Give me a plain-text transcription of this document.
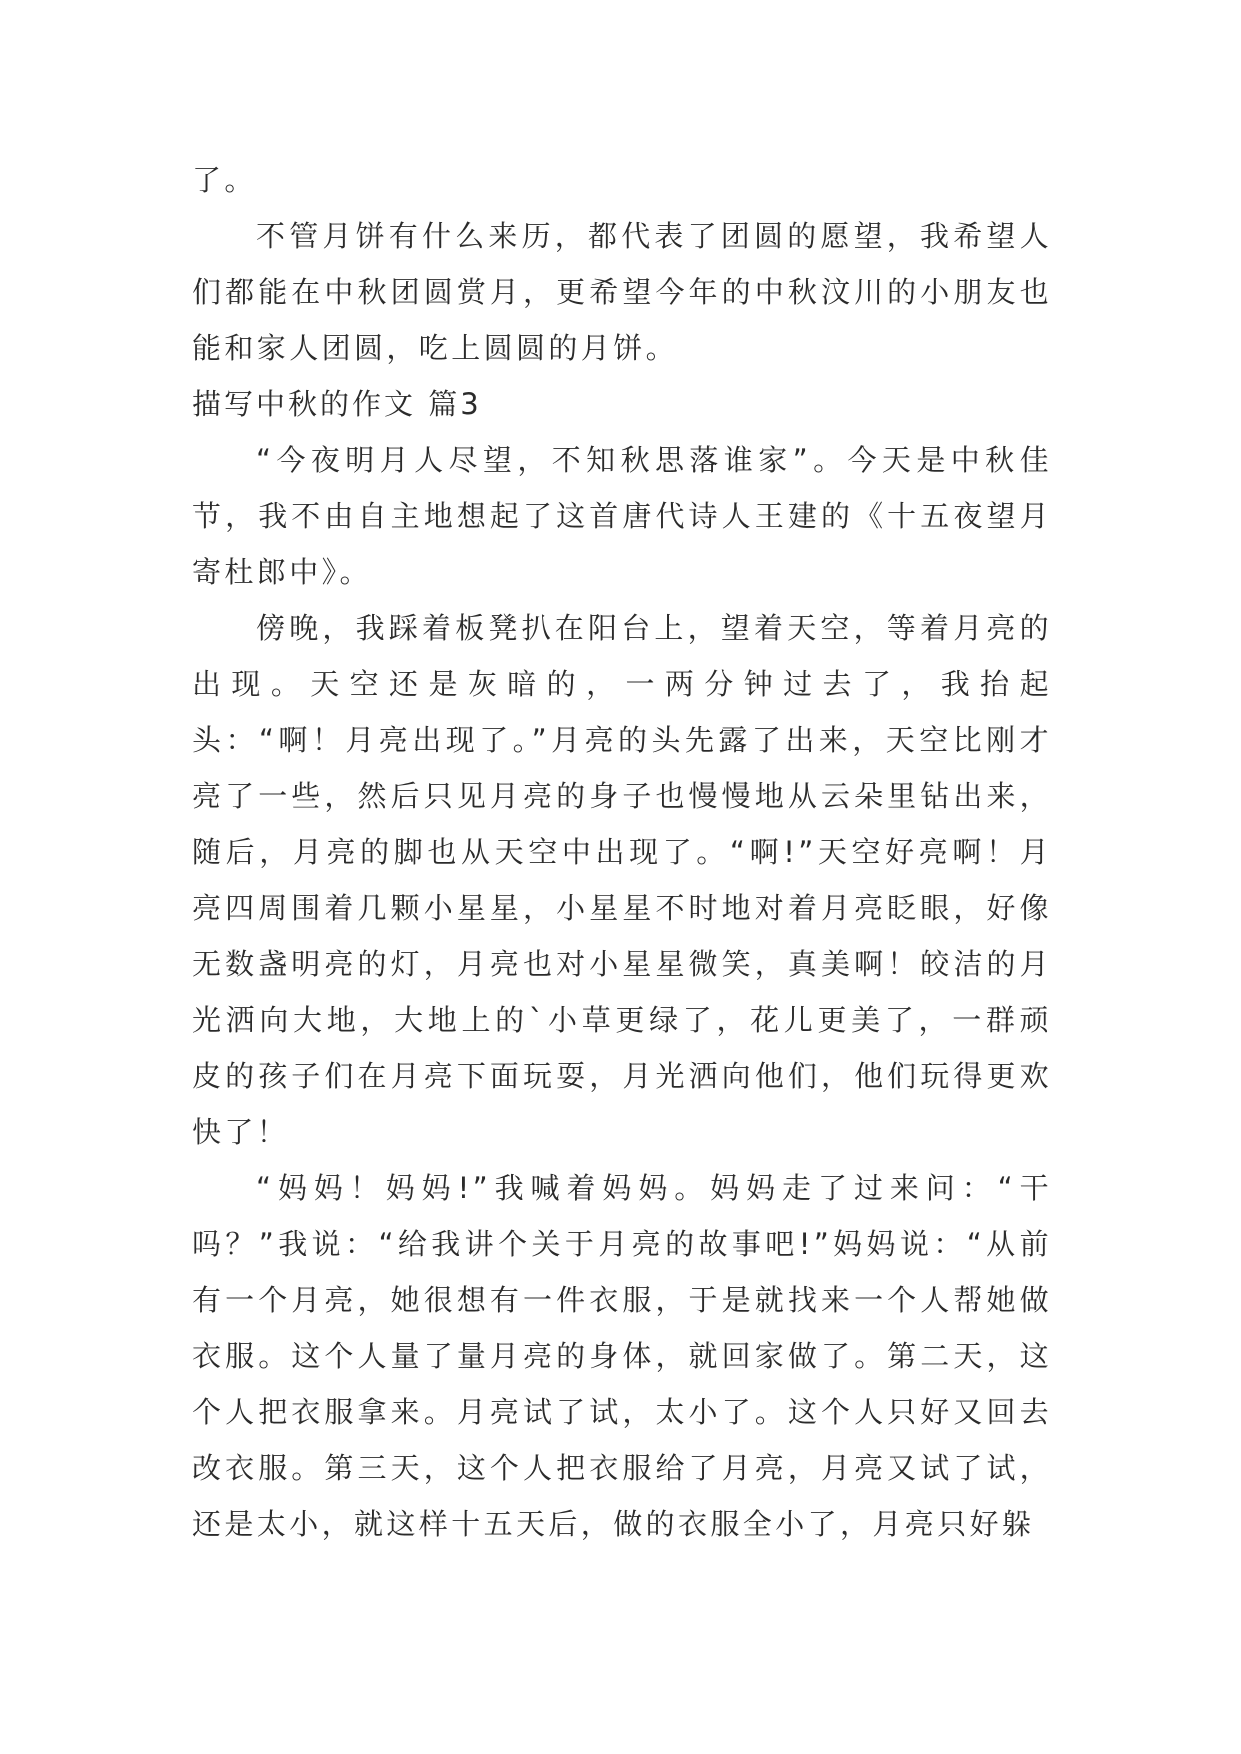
了。

不管月饼有什么来历，都代表了团圆的愿望，我希望人们都能在中秋团圆赏月，更希望今年的中秋汶川的小朋友也能和家人团圆，吃上圆圆的月饼。

描写中秋的作文 篇3

“今夜明月人尽望，不知秋思落谁家”。今天是中秋佳节，我不由自主地想起了这首唐代诗人王建的《十五夜望月寄杜郎中》。

傍晚，我踩着板凳扒在阳台上，望着天空，等着月亮的出现。天空还是灰暗的，一两分钟过去了，我抬起头：“啊！月亮出现了。”月亮的头先露了出来，天空比刚才亮了一些，然后只见月亮的身子也慢慢地从云朵里钻出来，随后，月亮的脚也从天空中出现了。“啊!”天空好亮啊！月亮四周围着几颗小星星，小星星不时地对着月亮眨眼，好像无数盏明亮的灯，月亮也对小星星微笑，真美啊！皎洁的月光洒向大地，大地上的`小草更绿了，花儿更美了，一群顽皮的孩子们在月亮下面玩耍，月光洒向他们，他们玩得更欢快了！

“妈妈！妈妈!”我喊着妈妈。妈妈走了过来问：“干吗？”我说：“给我讲个关于月亮的故事吧!”妈妈说：“从前有一个月亮，她很想有一件衣服，于是就找来一个人帮她做衣服。这个人量了量月亮的身体，就回家做了。第二天，这个人把衣服拿来。月亮试了试，太小了。这个人只好又回去改衣服。第三天，这个人把衣服给了月亮，月亮又试了试，还是太小，就这样十五天后，做的衣服全小了，月亮只好躲
